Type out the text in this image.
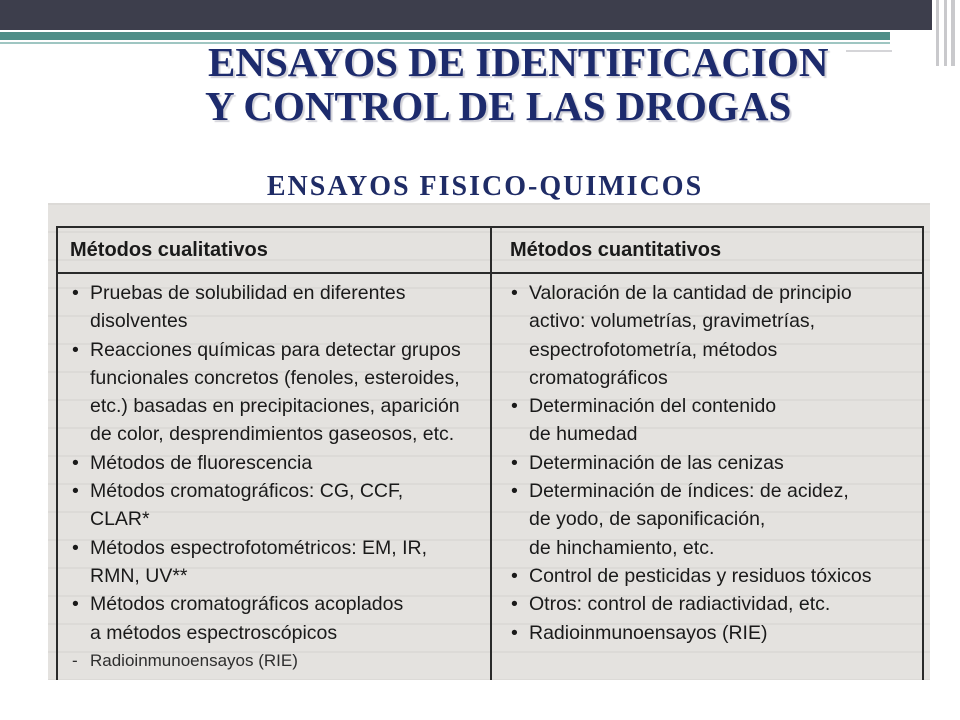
ENSAYOS DE IDENTIFICACION
Y CONTROL DE LAS DROGAS
ENSAYOS FISICO-QUIMICOS
Métodos cualitativos	Métodos cuantitativos
• Pruebas de solubilidad en diferentes
disolventes
• Reacciones químicas para detectar grupos
funcionales concretos (fenoles, esteroides,
etc.) basadas en precipitaciones, aparición
de color, desprendimientos gaseosos, etc.
• Métodos de fluorescencia
• Métodos cromatográficos: CG, CCF,
CLAR*
• Métodos espectrofotométricos: EM, IR,
RMN, UV**
• Métodos cromatográficos acoplados
a métodos espectroscópicos
- Radioinmunoensayos (RIE)
• Valoración de la cantidad de principio
activo: volumetrías, gravimetrías,
espectrofotometría, métodos
cromatográficos
• Determinación del contenido
de humedad
• Determinación de las cenizas
• Determinación de índices: de acidez,
de yodo, de saponificación,
de hinchamiento, etc.
• Control de pesticidas y residuos tóxicos
• Otros: control de radiactividad, etc.
• Radioinmunoensayos (RIE)
